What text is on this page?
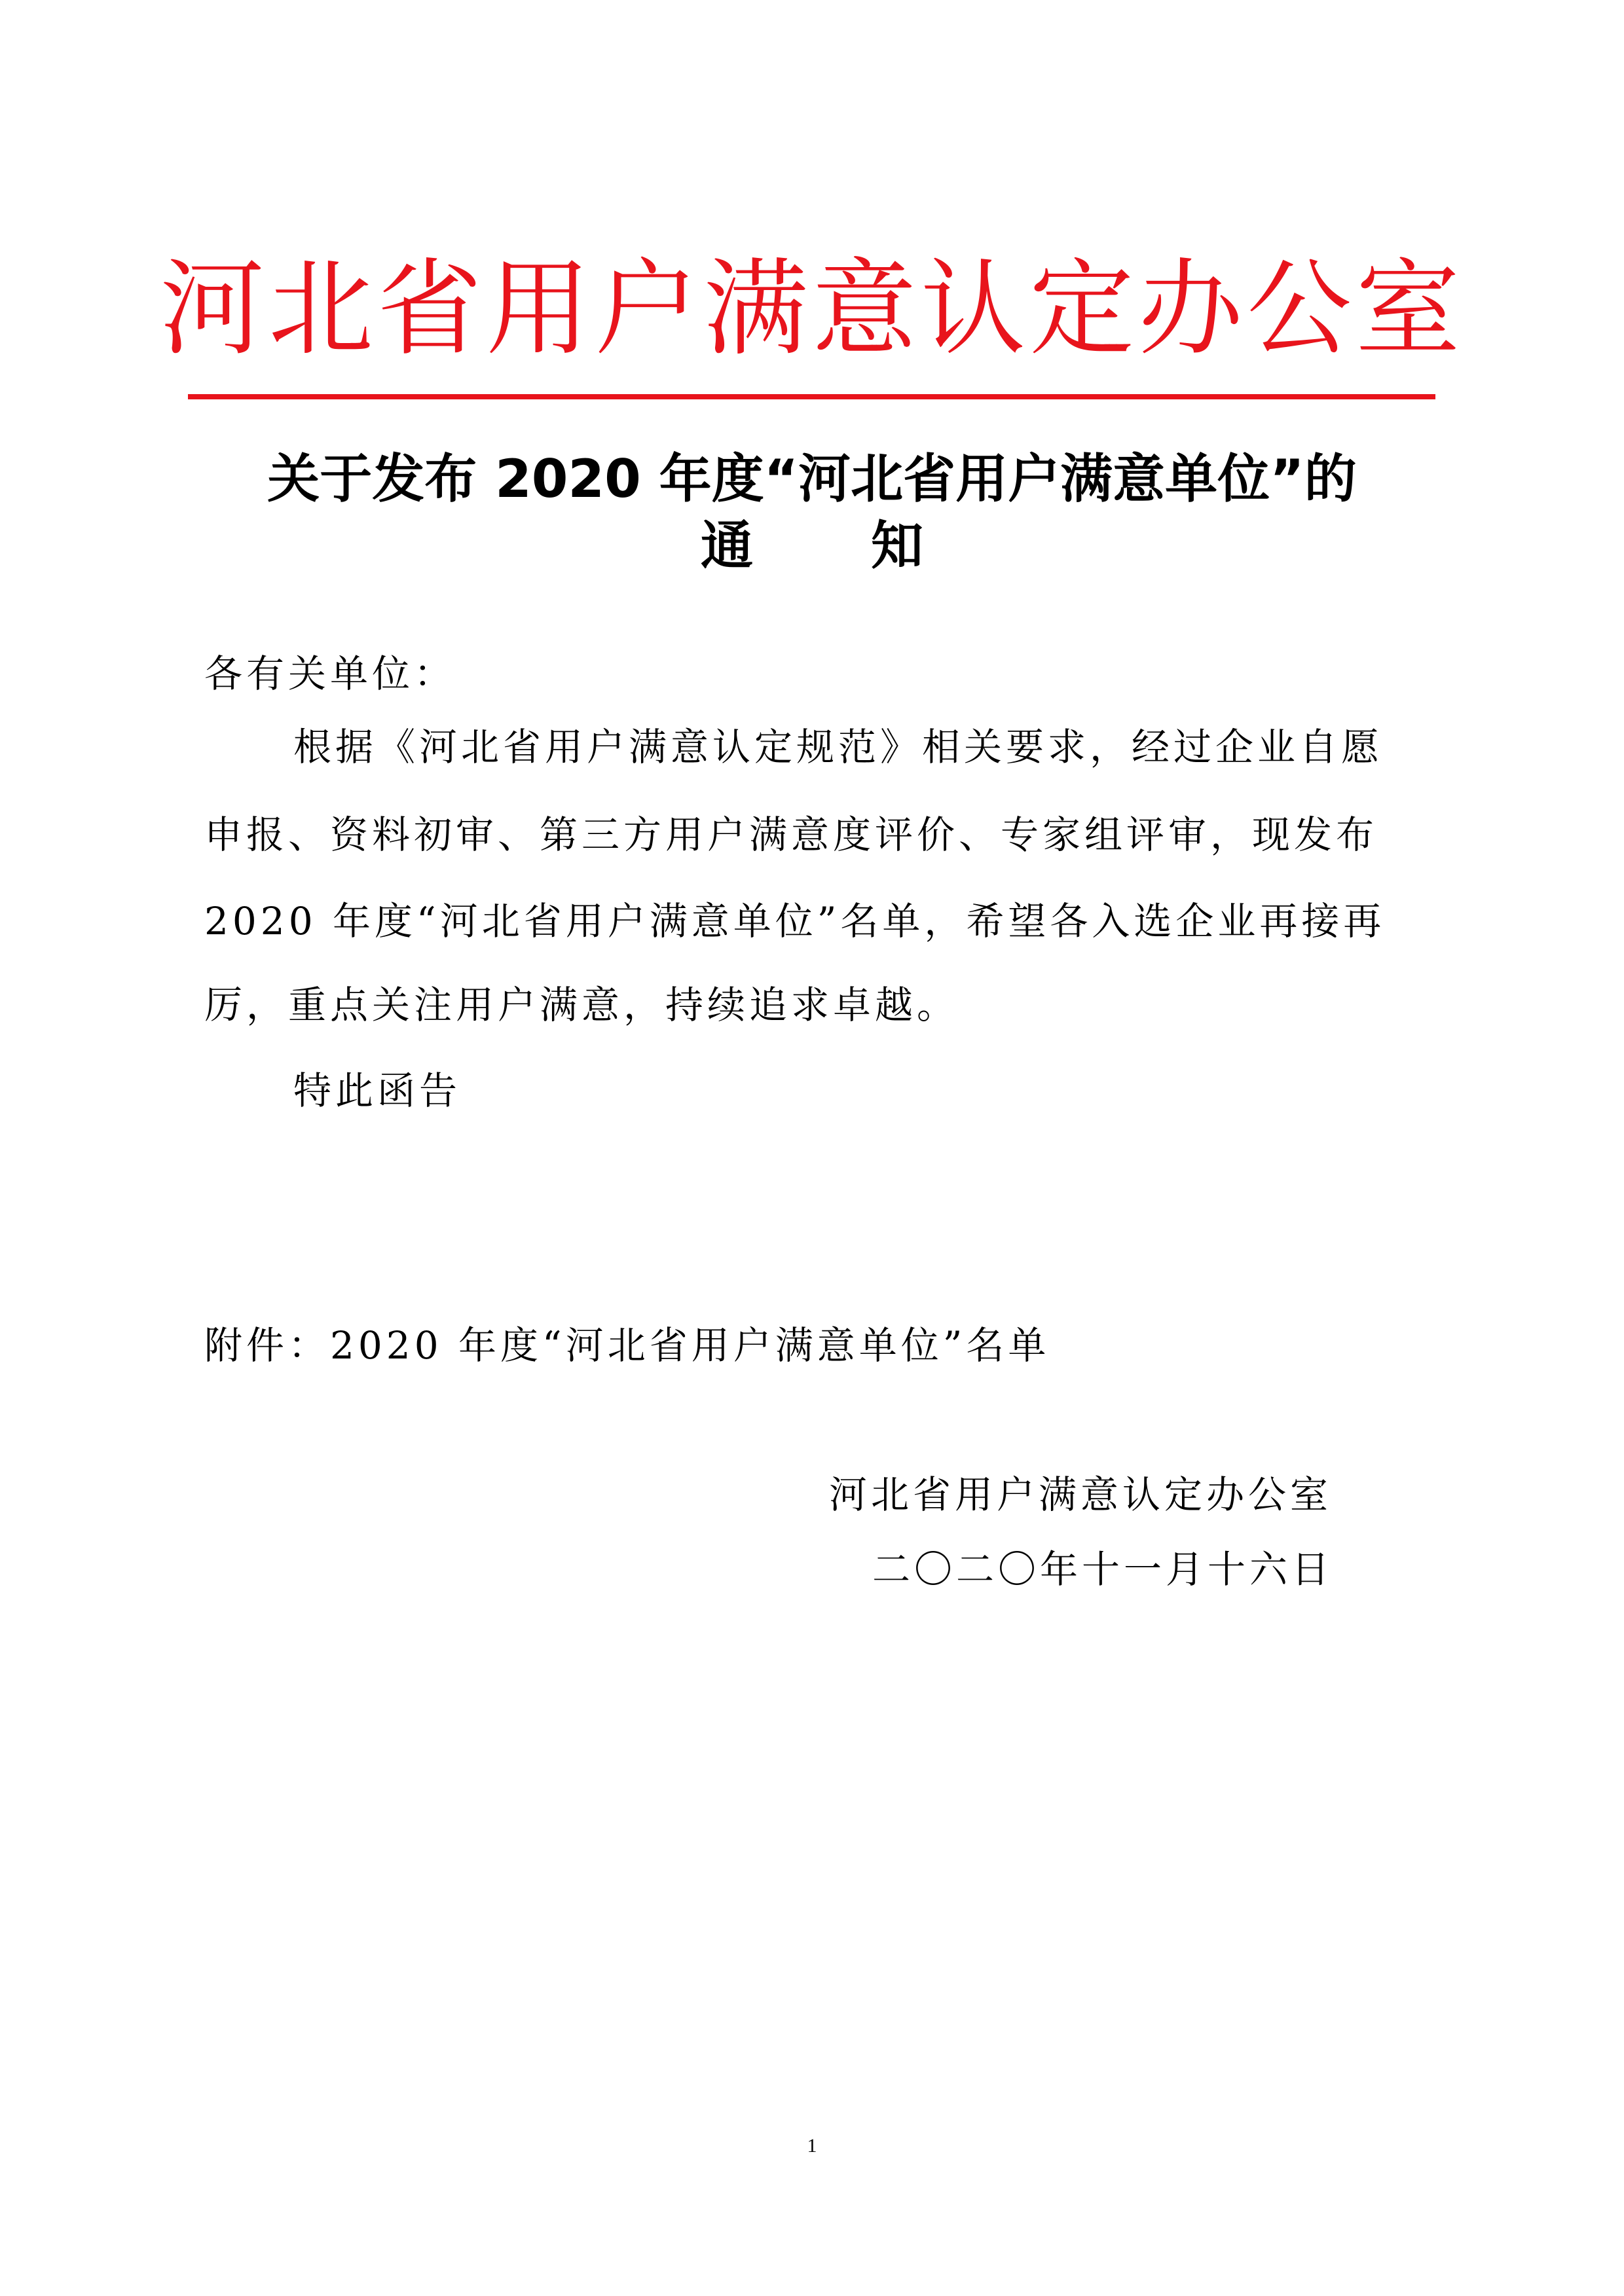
河北省用户满意认定办公室
关于发布 2020 年度“河北省用户满意单位”的
通 知
各有关单位：
根据《河北省用户满意认定规范》相关要求，经过企业自愿
申报、资料初审、第三方用户满意度评价、专家组评审，现发布
2020 年度“河北省用户满意单位”名单，希望各入选企业再接再
厉，重点关注用户满意，持续追求卓越。
特此函告
附件：2020 年度“河北省用户满意单位”名单
河北省用户满意认定办公室
二〇二〇年十一月十六日
1
